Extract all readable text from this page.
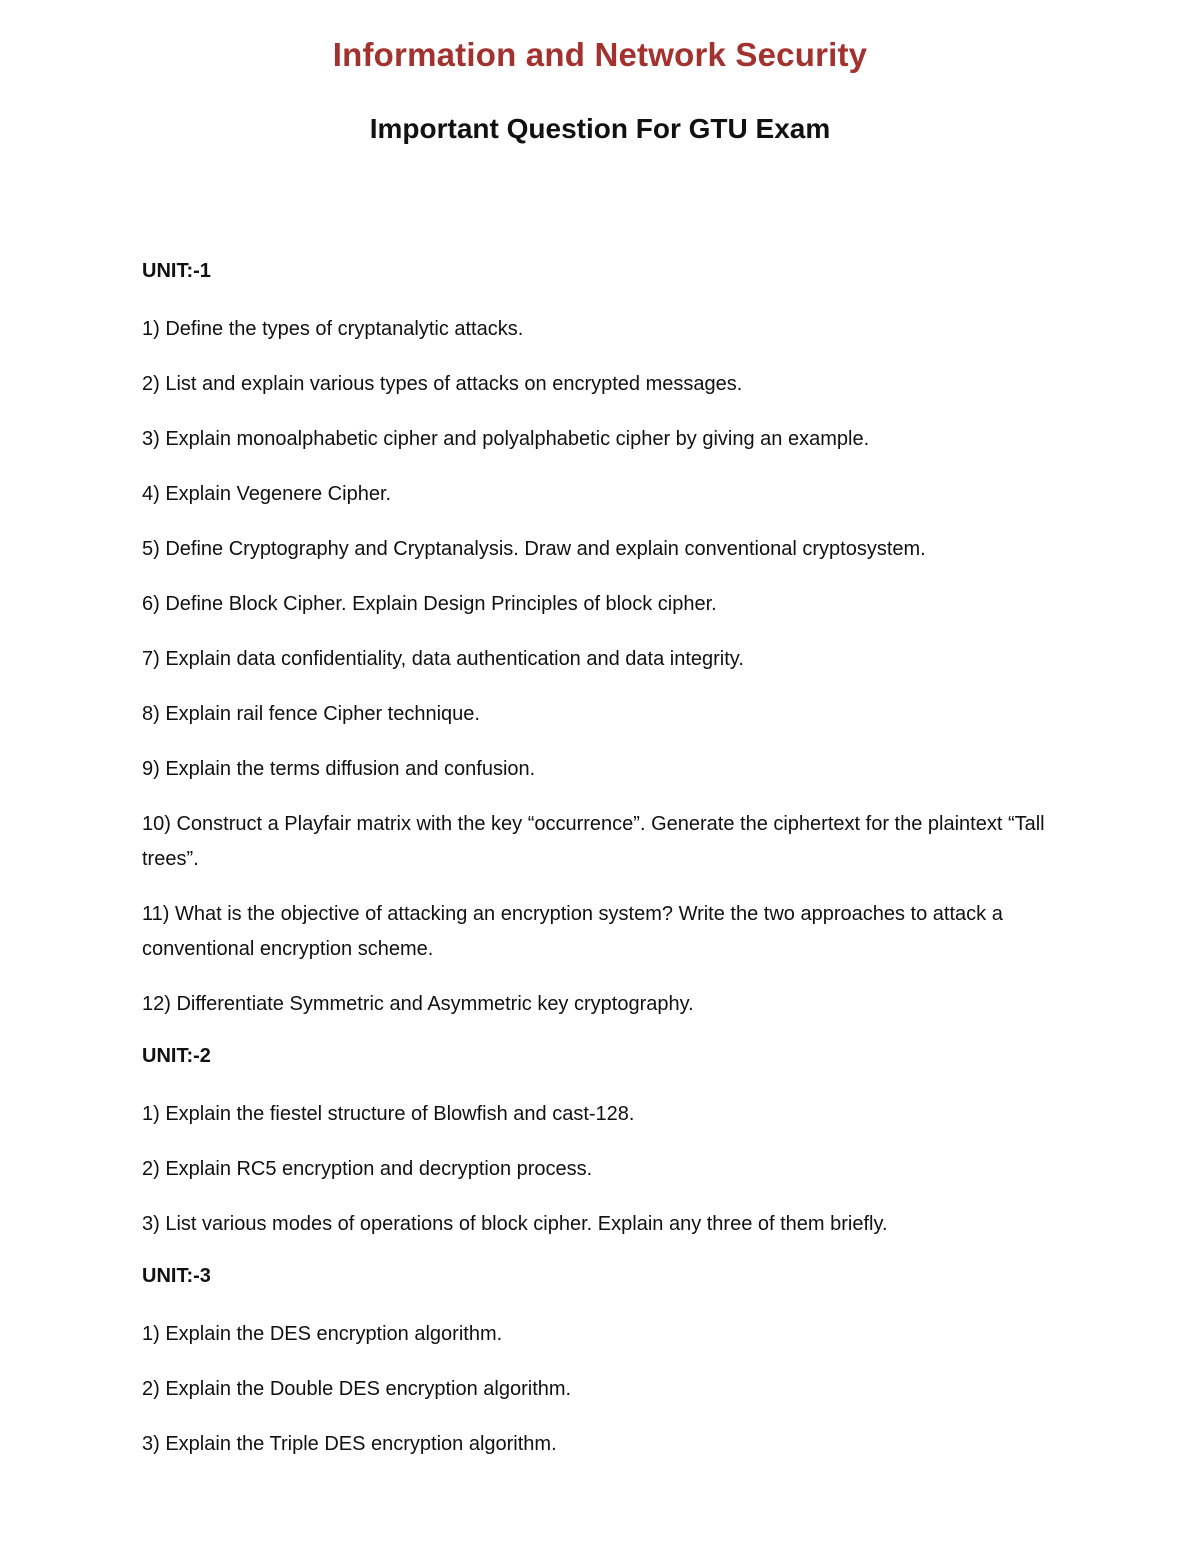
Information and Network Security
Important Question For GTU Exam
UNIT:-1

1) Define the types of cryptanalytic attacks.

2) List and explain various types of attacks on encrypted messages.

3) Explain monoalphabetic cipher and polyalphabetic cipher by giving an example.

4) Explain Vegenere Cipher.

5) Define Cryptography and Cryptanalysis. Draw and explain conventional cryptosystem.

6) Define Block Cipher. Explain Design Principles of block cipher.

7) Explain data confidentiality, data authentication and data integrity.

8) Explain rail fence Cipher technique.

9) Explain the terms diffusion and confusion.

10) Construct a Playfair matrix with the key “occurrence”. Generate the ciphertext for the plaintext “Tall trees”.

11) What is the objective of attacking an encryption system? Write the two approaches to attack a conventional encryption scheme.

12) Differentiate Symmetric and Asymmetric key cryptography.

UNIT:-2

1) Explain the fiestel structure of Blowfish and cast-128.

2) Explain RC5 encryption and decryption process.

3) List various modes of operations of block cipher. Explain any three of them briefly.

UNIT:-3

1) Explain the DES encryption algorithm.

2) Explain the Double DES encryption algorithm.

3) Explain the Triple DES encryption algorithm.
